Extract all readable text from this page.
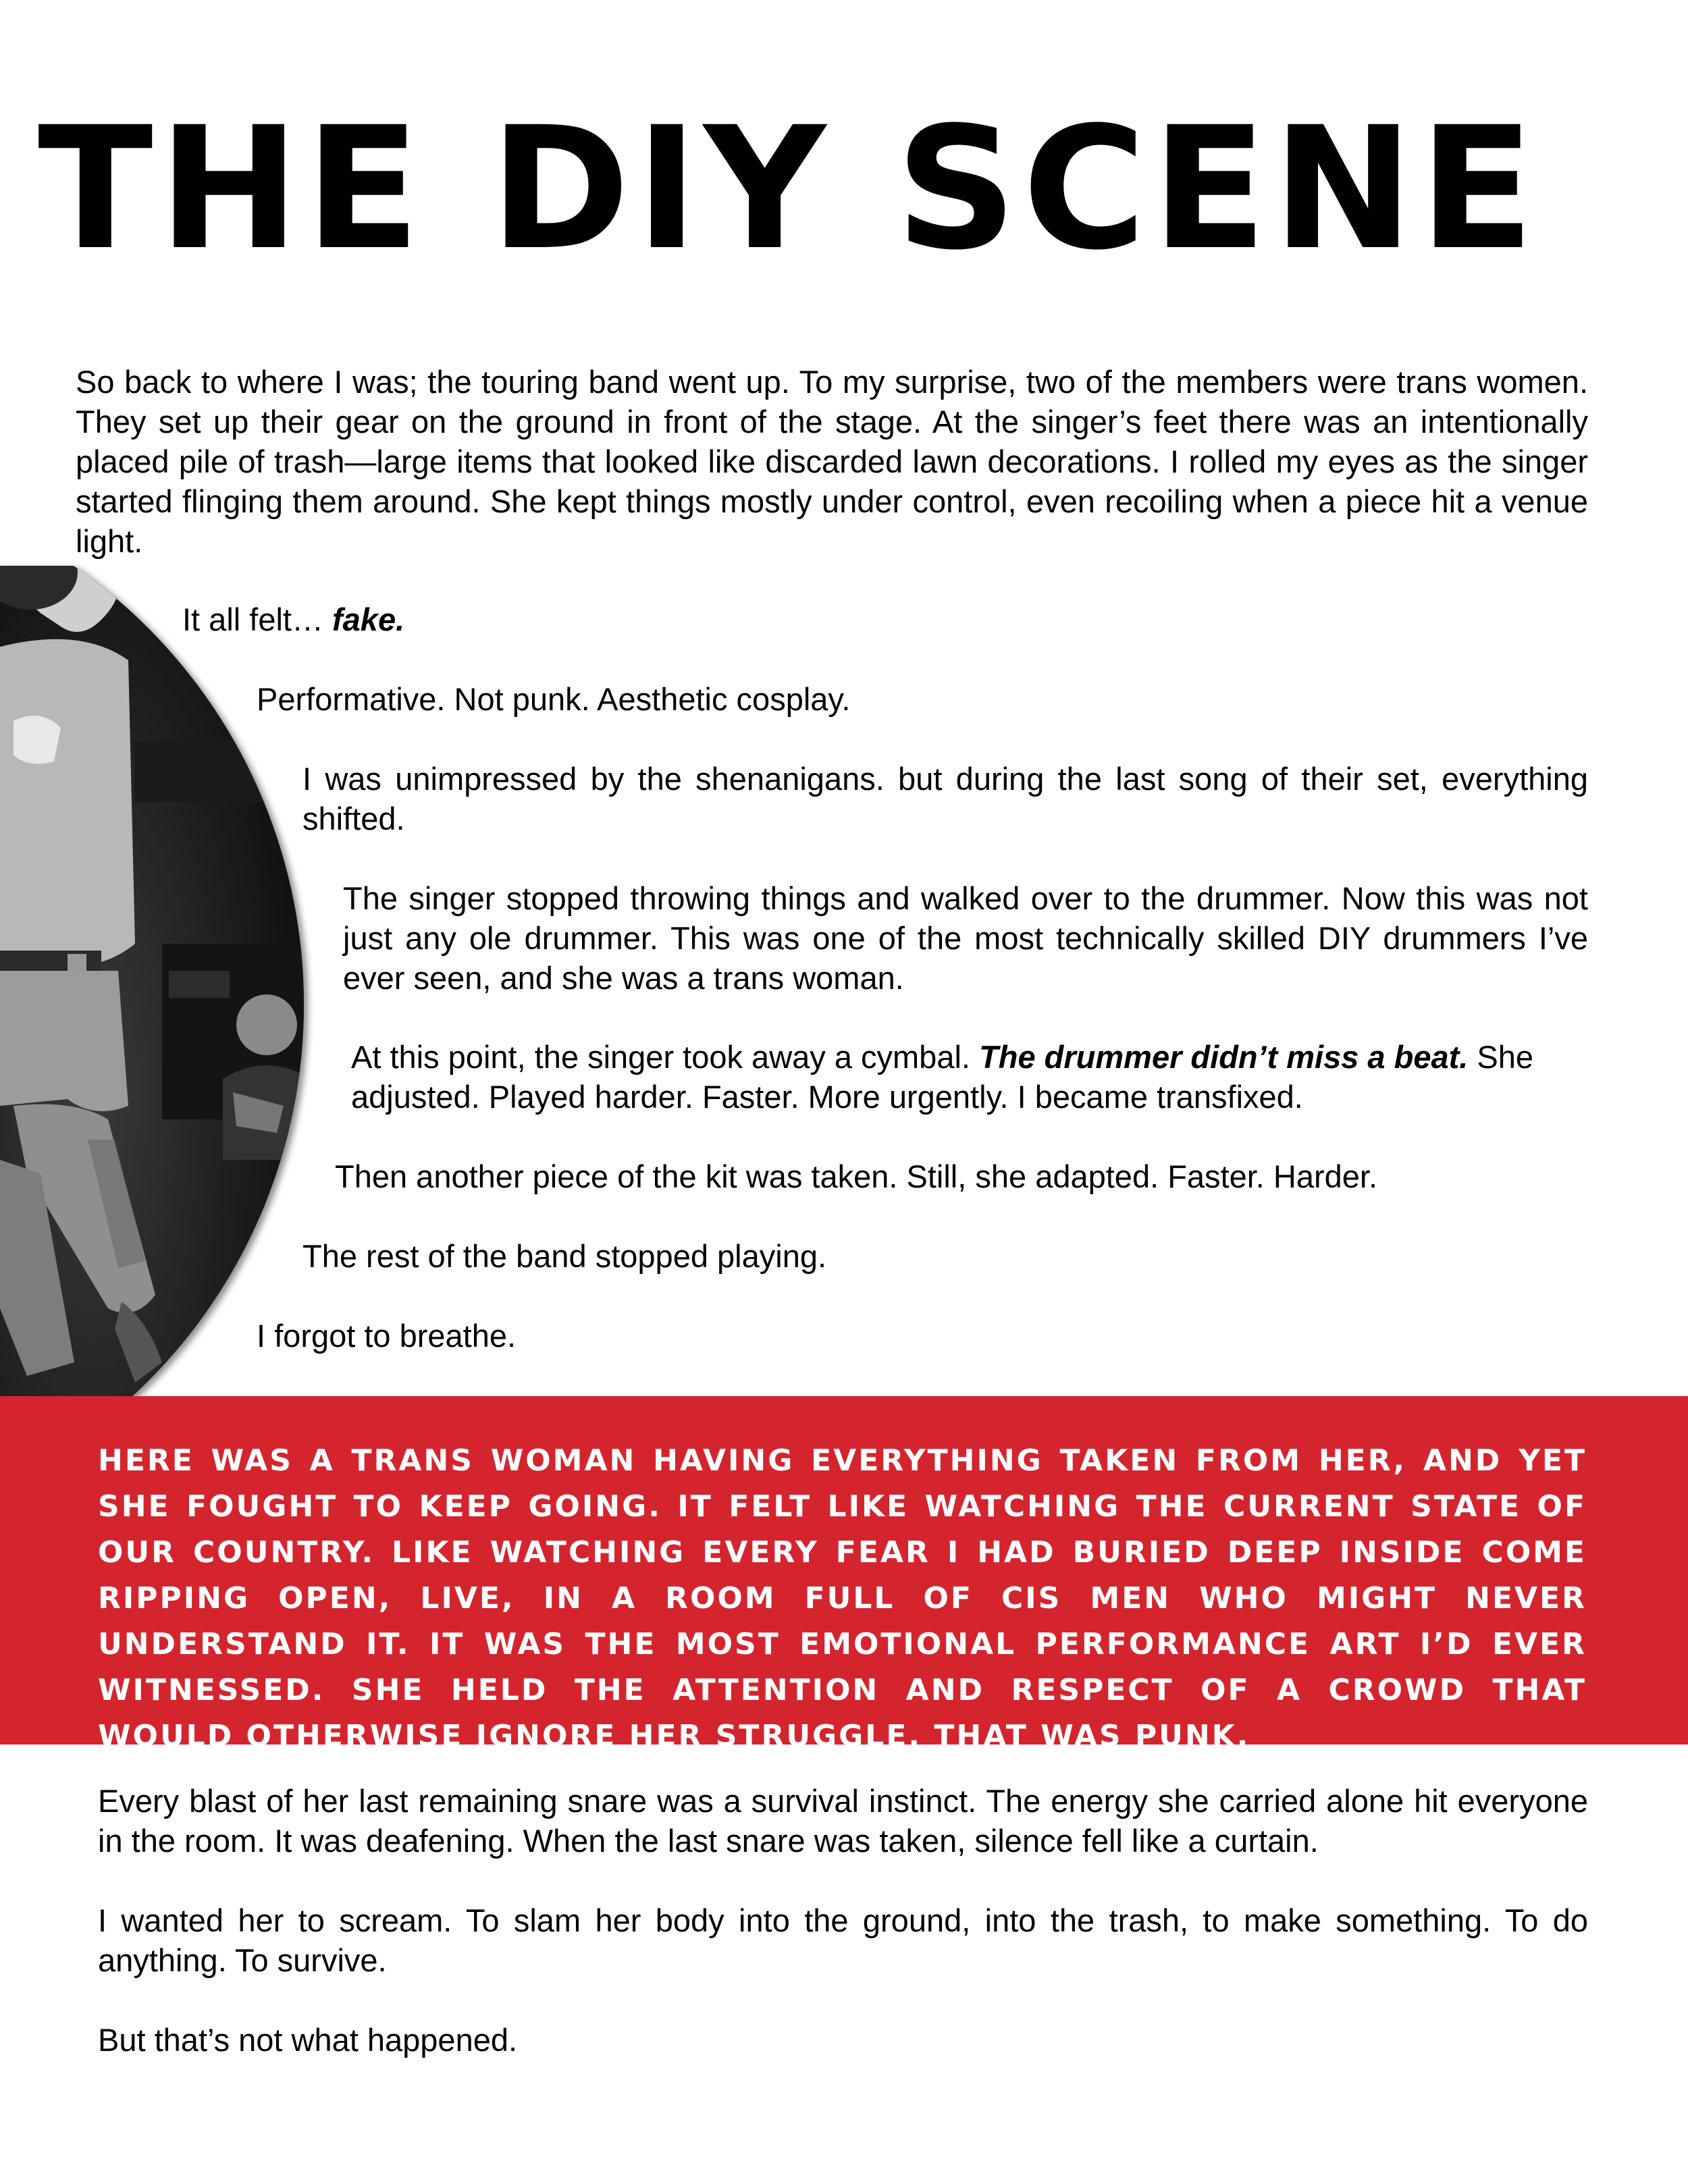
THE DIY SCENE

So back to where I was; the touring band went up. To my surprise, two of the members were trans women. They set up their gear on the ground in front of the stage. At the singer’s feet there was an intentionally placed pile of trash—large items that looked like discarded lawn decorations. I rolled my eyes as the singer started flinging them around. She kept things mostly under control, even recoiling when a piece hit a venue light.

It all felt… fake.

Performative. Not punk. Aesthetic cosplay.

I was unimpressed by the shenanigans. but during the last song of their set, everything shifted.

The singer stopped throwing things and walked over to the drummer. Now this was not just any ole drummer. This was one of the most technically skilled DIY drummers I’ve ever seen, and she was a trans woman.

At this point, the singer took away a cymbal. The drummer didn’t miss a beat. She adjusted. Played harder. Faster. More urgently. I became transfixed.

Then another piece of the kit was taken. Still, she adapted. Faster. Harder.

The rest of the band stopped playing.

I forgot to breathe.

HERE WAS A TRANS WOMAN HAVING EVERYTHING TAKEN FROM HER, AND YET SHE FOUGHT TO KEEP GOING. IT FELT LIKE WATCHING THE CURRENT STATE OF OUR COUNTRY. LIKE WATCHING EVERY FEAR I HAD BURIED DEEP INSIDE COME RIPPING OPEN, LIVE, IN A ROOM FULL OF CIS MEN WHO MIGHT NEVER UNDERSTAND IT. IT WAS THE MOST EMOTIONAL PERFORMANCE ART I’D EVER WITNESSED. SHE HELD THE ATTENTION AND RESPECT OF A CROWD THAT WOULD OTHERWISE IGNORE HER STRUGGLE. THAT WAS PUNK.

Every blast of her last remaining snare was a survival instinct. The energy she carried alone hit everyone in the room. It was deafening. When the last snare was taken, silence fell like a curtain.

I wanted her to scream. To slam her body into the ground, into the trash, to make something. To do anything. To survive.

But that’s not what happened.
